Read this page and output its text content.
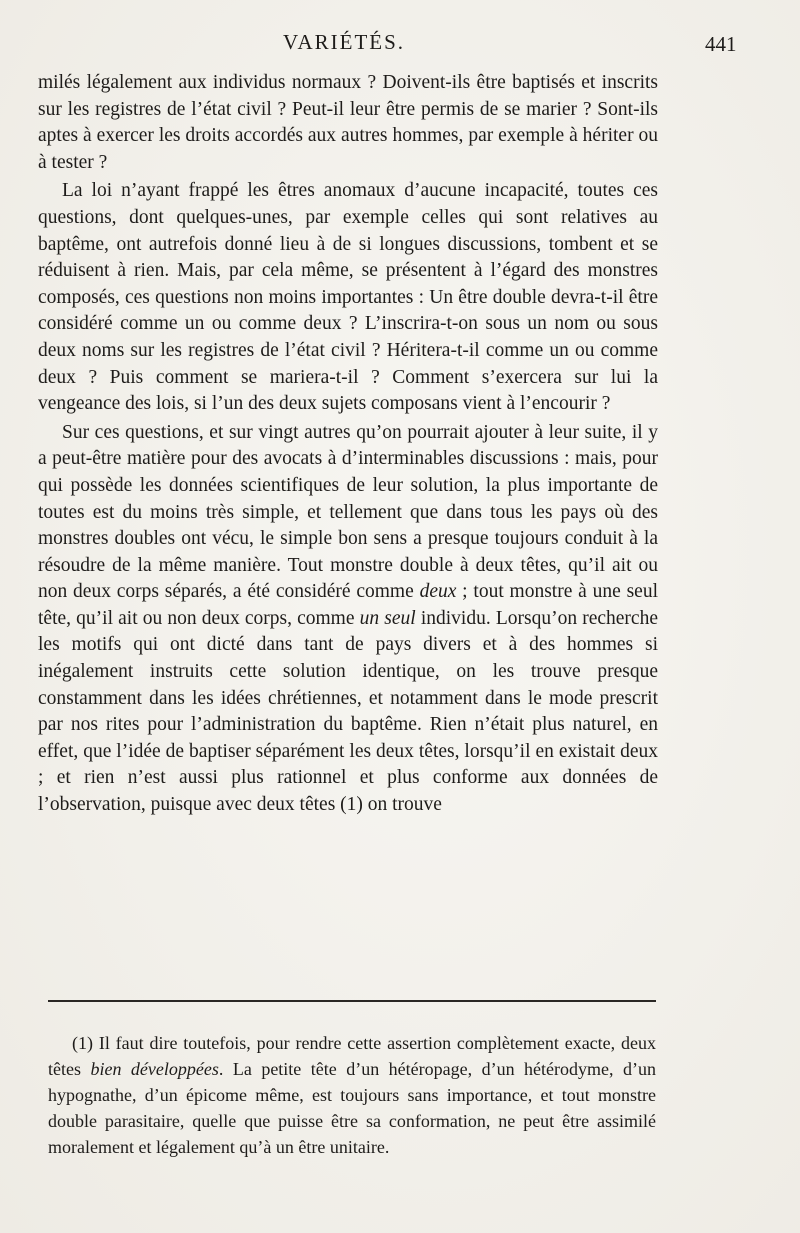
VARIÉTÉS.	441

milés légalement aux individus normaux ? Doivent-ils être baptisés et inscrits sur les registres de l’état civil ? Peut-il leur être permis de se marier ? Sont-ils aptes à exercer les droits accordés aux autres hommes, par exemple à hériter ou à tester ?

La loi n’ayant frappé les êtres anomaux d’aucune incapacité, toutes ces questions, dont quelques-unes, par exemple celles qui sont relatives au baptême, ont autrefois donné lieu à de si longues discussions, tombent et se réduisent à rien. Mais, par cela même, se présentent à l’égard des monstres composés, ces questions non moins importantes : Un être double devra-t-il être considéré comme un ou comme deux ? L’inscrira-t-on sous un nom ou sous deux noms sur les registres de l’état civil ? Héritera-t-il comme un ou comme deux ? Puis comment se mariera-t-il ? Comment s’exercera sur lui la vengeance des lois, si l’un des deux sujets composans vient à l’encourir ?

Sur ces questions, et sur vingt autres qu’on pourrait ajouter à leur suite, il y a peut-être matière pour des avocats à d’interminables discussions : mais, pour qui possède les données scientifiques de leur solution, la plus importante de toutes est du moins très simple, et tellement que dans tous les pays où des monstres doubles ont vécu, le simple bon sens a presque toujours conduit à la résoudre de la même manière. Tout monstre double à deux têtes, qu’il ait ou non deux corps séparés, a été considéré comme deux ; tout monstre à une seul tête, qu’il ait ou non deux corps, comme un seul individu. Lorsqu’on recherche les motifs qui ont dicté dans tant de pays divers et à des hommes si inégalement instruits cette solution identique, on les trouve presque constamment dans les idées chrétiennes, et notamment dans le mode prescrit par nos rites pour l’administration du baptême. Rien n’était plus naturel, en effet, que l’idée de baptiser séparément les deux têtes, lorsqu’il en existait deux ; et rien n’est aussi plus rationnel et plus conforme aux données de l’observation, puisque avec deux têtes (1) on trouve

(1) Il faut dire toutefois, pour rendre cette assertion complètement exacte, deux têtes bien développées. La petite tête d’un hétéropage, d’un hétérodyme, d’un hypognathe, d’un épicome même, est toujours sans importance, et tout monstre double parasitaire, quelle que puisse être sa conformation, ne peut être assimilé moralement et légalement qu’à un être unitaire.
